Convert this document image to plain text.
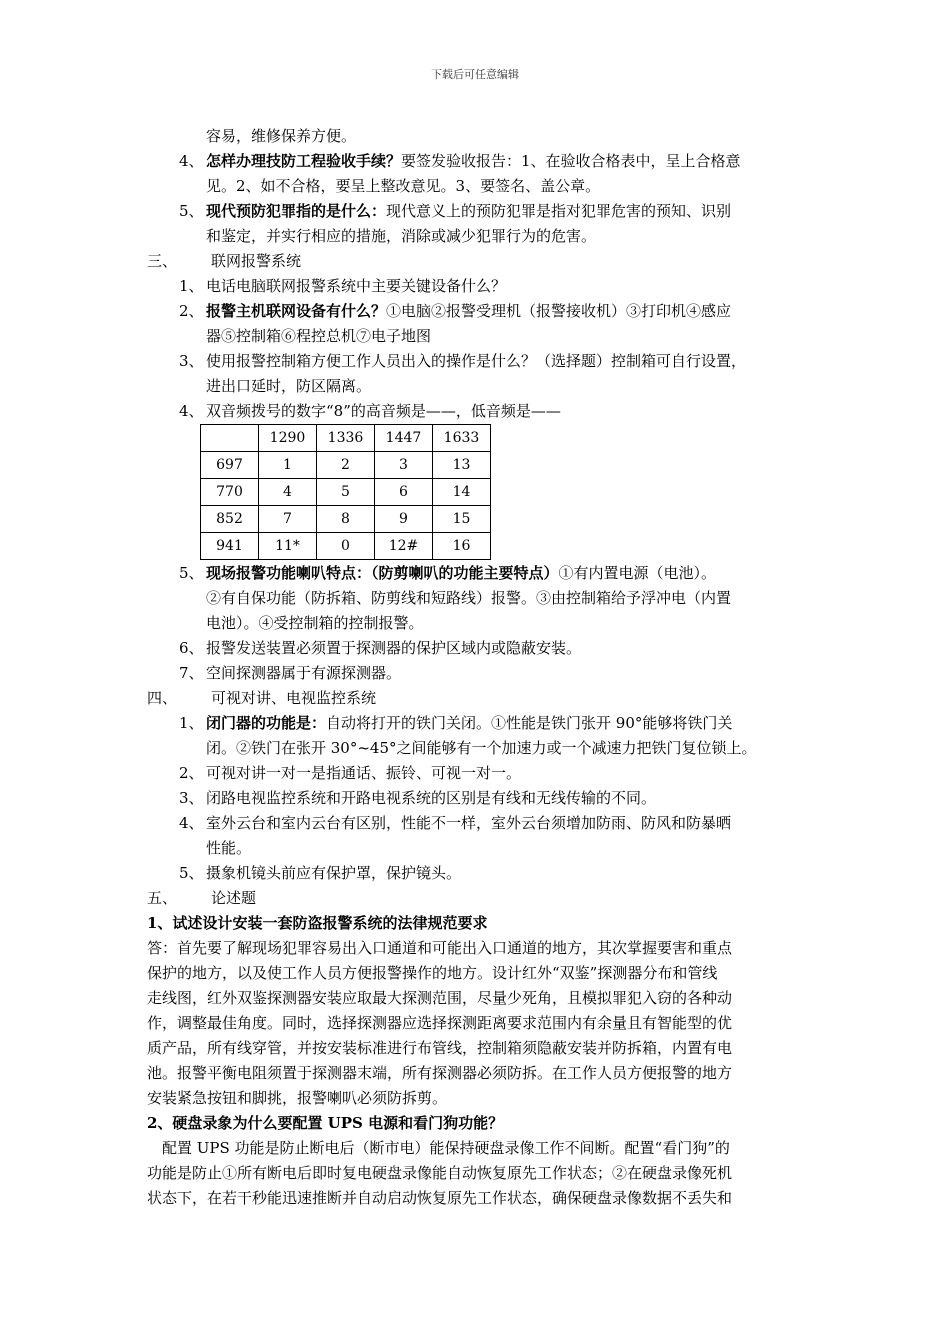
下载后可任意编辑
容易，维修保养方便。
4、 怎样办理技防工程验收手续？要签发验收报告：1、在验收合格表中，呈上合格意
见。2、如不合格，要呈上整改意见。3、要签名、盖公章。
5、 现代预防犯罪指的是什么：现代意义上的预防犯罪是指对犯罪危害的预知、识别
和鉴定，并实行相应的措施，消除或减少犯罪行为的危害。
三、 联网报警系统
1、 电话电脑联网报警系统中主要关键设备什么？
2、 报警主机联网设备有什么？①电脑②报警受理机（报警接收机）③打印机④感应
器⑤控制箱⑥程控总机⑦电子地图
3、 使用报警控制箱方便工作人员出入的操作是什么？（选择题）控制箱可自行设置，
进出口延时，防区隔离。
4、 双音频拨号的数字“8”的高音频是——，低音频是——
	1290	1336	1447	1633
697	1	2	3	13
770	4	5	6	14
852	7	8	9	15
941	11*	0	12#	16
5、 现场报警功能喇叭特点：（防剪喇叭的功能主要特点）①有内置电源（电池）。
②有自保功能（防拆箱、防剪线和短路线）报警。③由控制箱给予浮冲电（内置
电池）。④受控制箱的控制报警。
6、 报警发送装置必须置于探测器的保护区域内或隐蔽安装。
7、 空间探测器属于有源探测器。
四、 可视对讲、电视监控系统
1、 闭门器的功能是：自动将打开的铁门关闭。①性能是铁门张开 90°能够将铁门关
闭。②铁门在张开 30°~45°之间能够有一个加速力或一个减速力把铁门复位锁上。
2、 可视对讲一对一是指通话、振铃、可视一对一。
3、 闭路电视监控系统和开路电视系统的区别是有线和无线传输的不同。
4、 室外云台和室内云台有区别，性能不一样，室外云台须增加防雨、防风和防暴晒
性能。
5、 摄象机镜头前应有保护罩，保护镜头。
五、 论述题
1、试述设计安装一套防盗报警系统的法律规范要求
答：首先要了解现场犯罪容易出入口通道和可能出入口通道的地方，其次掌握要害和重点
保护的地方，以及使工作人员方便报警操作的地方。设计红外“双鉴”探测器分布和管线
走线图，红外双鉴探测器安装应取最大探测范围，尽量少死角，且模拟罪犯入窃的各种动
作，调整最佳角度。同时，选择探测器应选择探测距离要求范围内有余量且有智能型的优
质产品，所有线穿管，并按安装标准进行布管线，控制箱须隐蔽安装并防拆箱，内置有电
池。报警平衡电阻须置于探测器末端，所有探测器必须防拆。在工作人员方便报警的地方
安装紧急按钮和脚挑，报警喇叭必须防拆剪。
2、硬盘录象为什么要配置 UPS 电源和看门狗功能？
配置 UPS 功能是防止断电后（断市电）能保持硬盘录像工作不间断。配置“看门狗”的
功能是防止①所有断电后即时复电硬盘录像能自动恢复原先工作状态；②在硬盘录像死机
状态下，在若干秒能迅速推断并自动启动恢复原先工作状态，确保硬盘录像数据不丢失和
